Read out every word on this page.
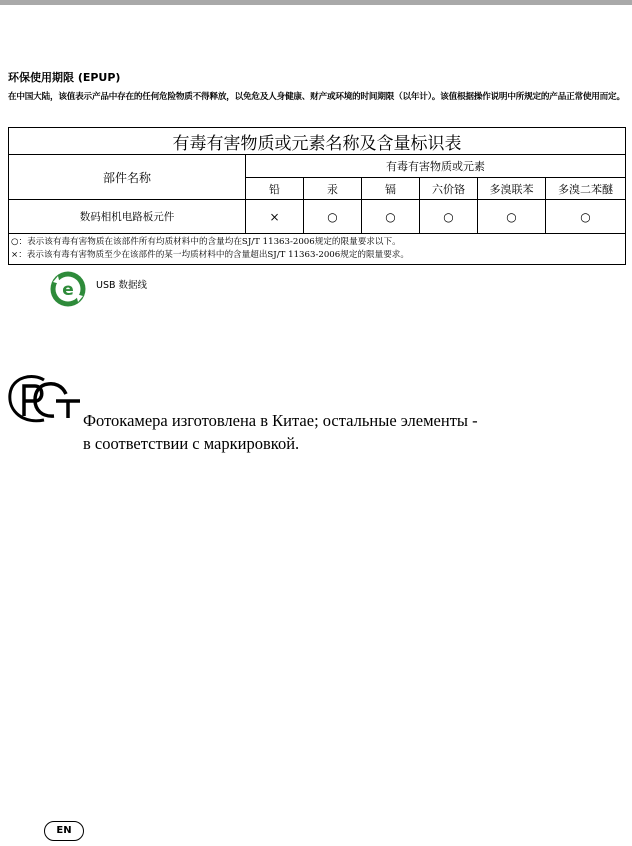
环保使用期限 (EPUP)
在中国大陆，该值表示产品中存在的任何危险物质不得释放，以免危及人身健康、财产或环境的时间期限（以年计）。该值根据操作说明中所规定的产品正常使用而定。
有毒有害物质或元素名称及含量标识表						
部件名称	有毒有害物质或元素					
	铅	汞	镉	六价铬	多溴联苯	多溴二苯醚
数码相机电路板元件	×	○	○	○	○	○

○：表示该有毒有害物质在该部件所有均质材料中的含量均在SJ/T 11363-2006规定的限量要求以下。
×：表示该有毒有害物质至少在该部件的某一均质材料中的含量超出SJ/T 11363-2006规定的限量要求。						
e USB 数据线
Фотокамера изготовлена в Китае; остальные элементы -
в соответствии с маркировкой.
EN
